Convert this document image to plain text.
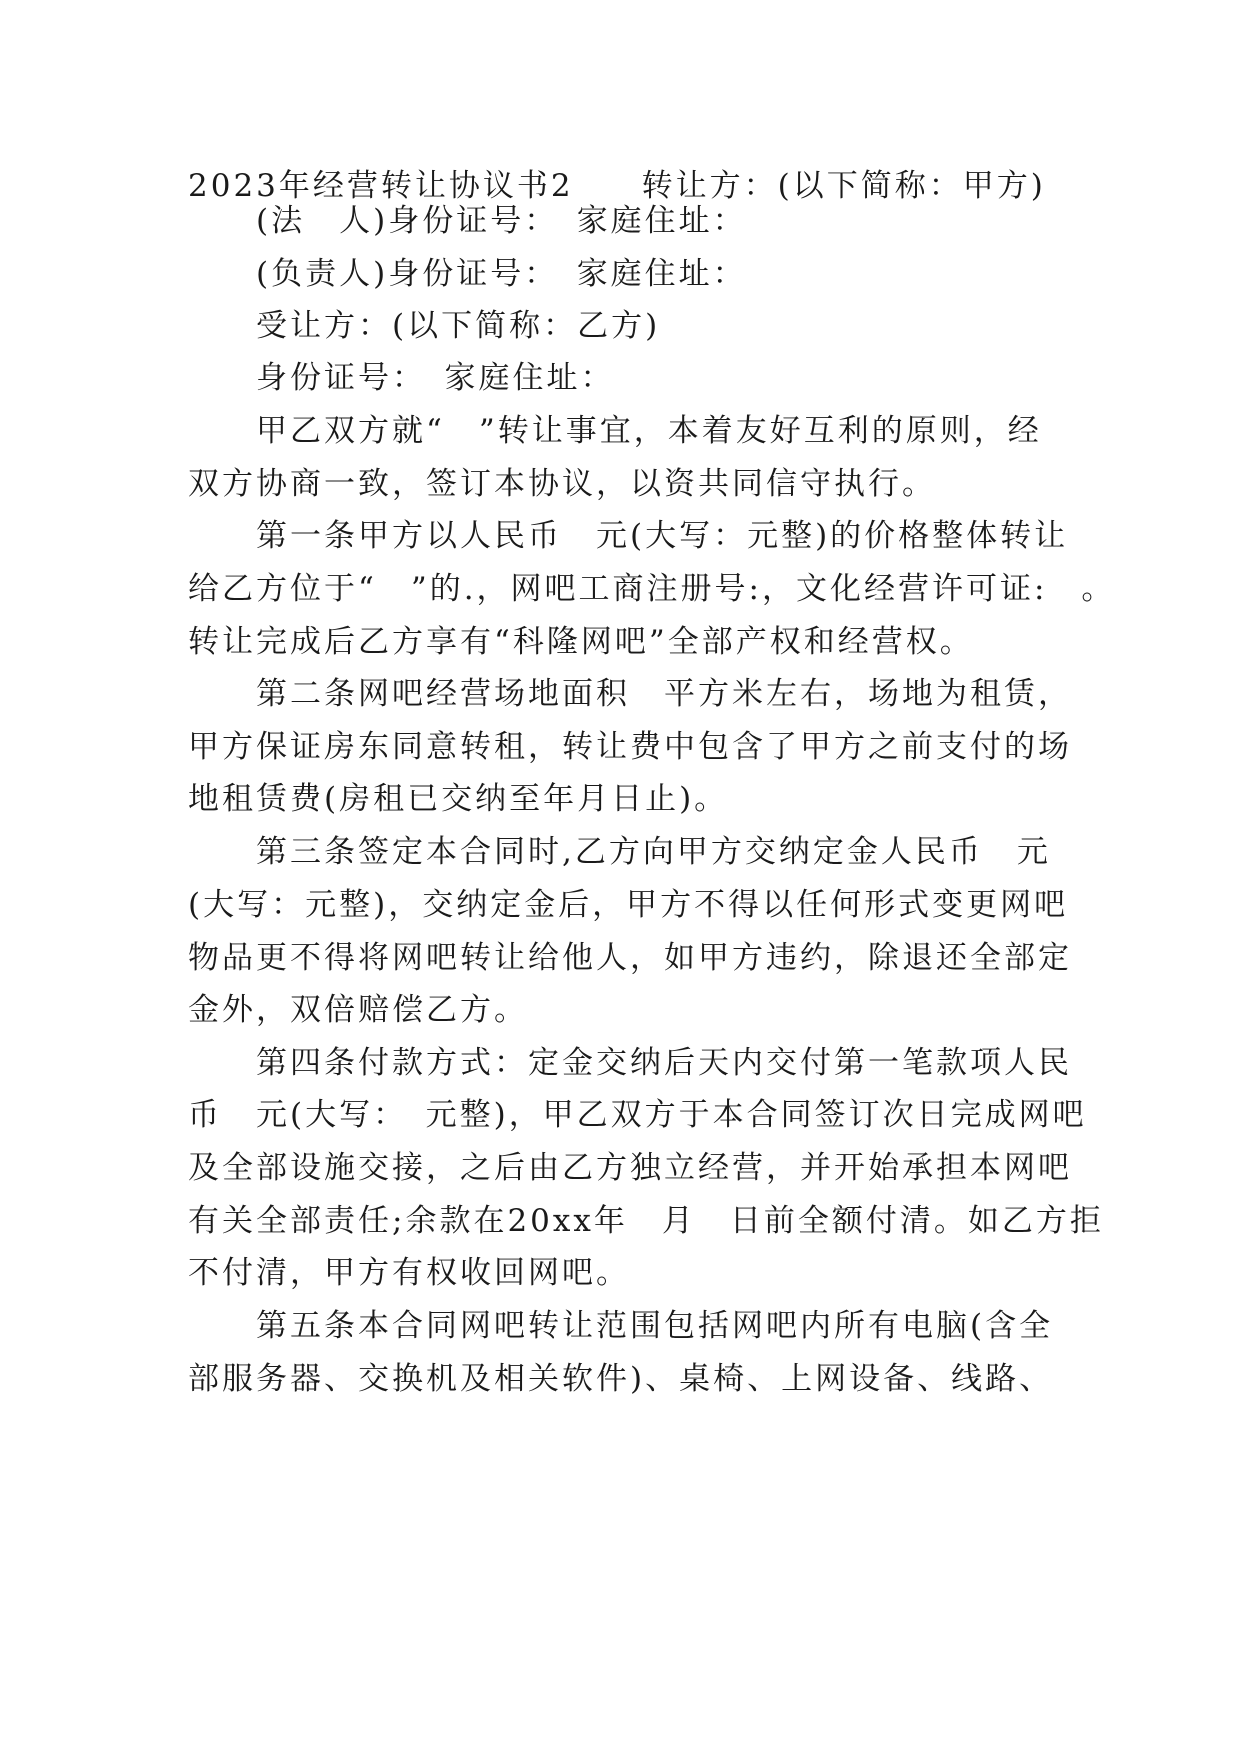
2023年经营转让协议书2　　转让方：(以下简称：甲方)
(法　人)身份证号：　家庭住址：
(负责人)身份证号：　家庭住址：
受让方：(以下简称：乙方)
身份证号：　家庭住址：
甲乙双方就“　”转让事宜，本着友好互利的原则，经
双方协商一致，签订本协议，以资共同信守执行。
第一条甲方以人民币　元(大写：元整)的价格整体转让
给乙方位于“　”的.，网吧工商注册号:，文化经营许可证:　。
转让完成后乙方享有“科隆网吧”全部产权和经营权。
第二条网吧经营场地面积　平方米左右，场地为租赁，
甲方保证房东同意转租，转让费中包含了甲方之前支付的场
地租赁费(房租已交纳至年月日止)。
第三条签定本合同时,乙方向甲方交纳定金人民币　元
(大写：元整)，交纳定金后，甲方不得以任何形式变更网吧
物品更不得将网吧转让给他人，如甲方违约，除退还全部定
金外，双倍赔偿乙方。
第四条付款方式：定金交纳后天内交付第一笔款项人民
币　元(大写：　元整)，甲乙双方于本合同签订次日完成网吧
及全部设施交接，之后由乙方独立经营，并开始承担本网吧
有关全部责任;余款在20xx年　月　日前全额付清。如乙方拒
不付清，甲方有权收回网吧。
第五条本合同网吧转让范围包括网吧内所有电脑(含全
部服务器、交换机及相关软件)、桌椅、上网设备、线路、
